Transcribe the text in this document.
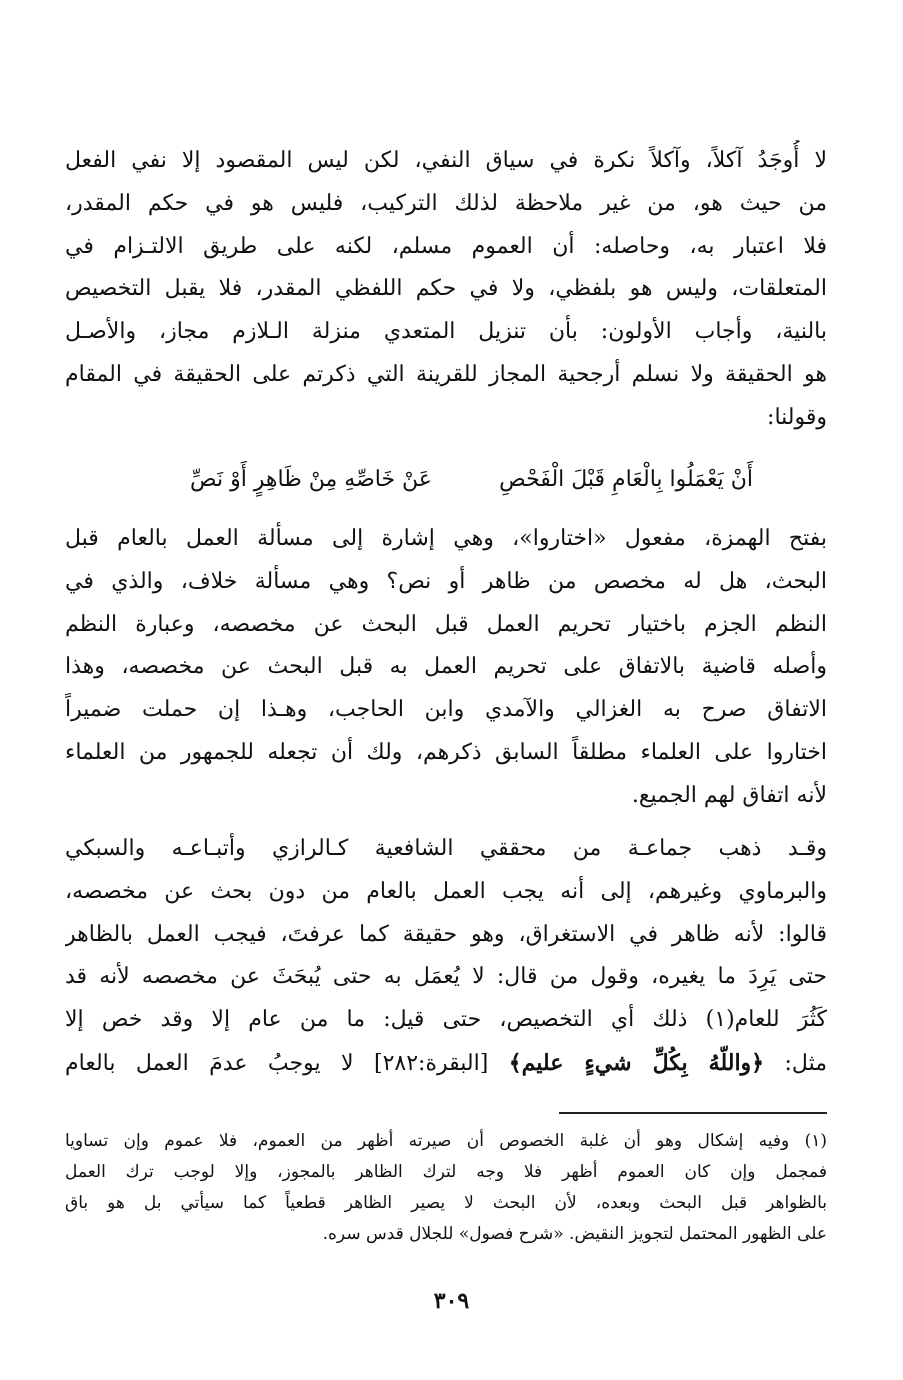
لا أُوجَدُ آكلاً، وآكلاً نكرة في سياق النفي، لكن ليس المقصود إلا نفي الفعل
من حيث هو، من غير ملاحظة لذلك التركيب، فليس هو في حكم المقدر،
فلا اعتبار به، وحاصله: أن العموم مسلم، لكنه على طريق الالتـزام في
المتعلقات، وليس هو بلفظي، ولا في حكم اللفظي المقدر، فلا يقبل التخصيص
بالنية، وأجاب الأولون: بأن تنزيل المتعدي منزلة الـلازم مجاز، والأصـل
هو الحقيقة ولا نسلم أرجحية المجاز للقرينة التي ذكرتم على الحقيقة في المقام
وقولنا:
أَنْ يَعْمَلُوا بِالْعَامِ قَبْلَ الْفَحْصِ
عَنْ خَاصِّهِ مِنْ ظَاهِرٍ أَوْ نَصِّ
بفتح الهمزة، مفعول «اختاروا»، وهي إشارة إلى مسألة العمل بالعام قبل
البحث، هل له مخصص من ظاهر أو نص؟ وهي مسألة خلاف، والذي في
النظم الجزم باختيار تحريم العمل قبل البحث عن مخصصه، وعبارة النظم
وأصله قاضية بالاتفاق على تحريم العمل به قبل البحث عن مخصصه، وهذا
الاتفاق صرح به الغزالي والآمدي وابن الحاجب، وهـذا إن حملت ضميراً
اختاروا على العلماء مطلقاً السابق ذكرهم، ولك أن تجعله للجمهور من العلماء
لأنه اتفاق لهم الجميع.
وقـد ذهب جماعـة من محققي الشافعية كـالرازي وأتبـاعـه والسبكي
والبرماوي وغيرهم، إلى أنه يجب العمل بالعام من دون بحث عن مخصصه،
قالوا: لأنه ظاهر في الاستغراق، وهو حقيقة كما عرفتَ، فيجب العمل بالظاهر
حتى يَرِدَ ما يغيره، وقول من قال: لا يُعمَل به حتى يُبحَثَ عن مخصصه لأنه قد
كَثُرَ للعام(١) ذلك أي التخصيص، حتى قيل: ما من عام إلا وقد خص إلا
مثل: ﴿واللّهُ بِكُلِّ شيءٍ عليم﴾ [البقرة:٢٨٢] لا يوجبُ عدمَ العمل بالعام
(١) وفيه إشكال وهو أن غلبة الخصوص أن صيرته أظهر من العموم، فلا عموم وإن تساويا
فمجمل وإن كان العموم أظهر فلا وجه لترك الظاهر بالمجوز، وإلا لوجب ترك العمل
بالظواهر قبل البحث وبعده، لأن البحث لا يصير الظاهر قطعياً كما سيأتي بل هو باق
على الظهور المحتمل لتجويز النقيض. «شرح فصول» للجلال قدس سره.
٣٠٩
